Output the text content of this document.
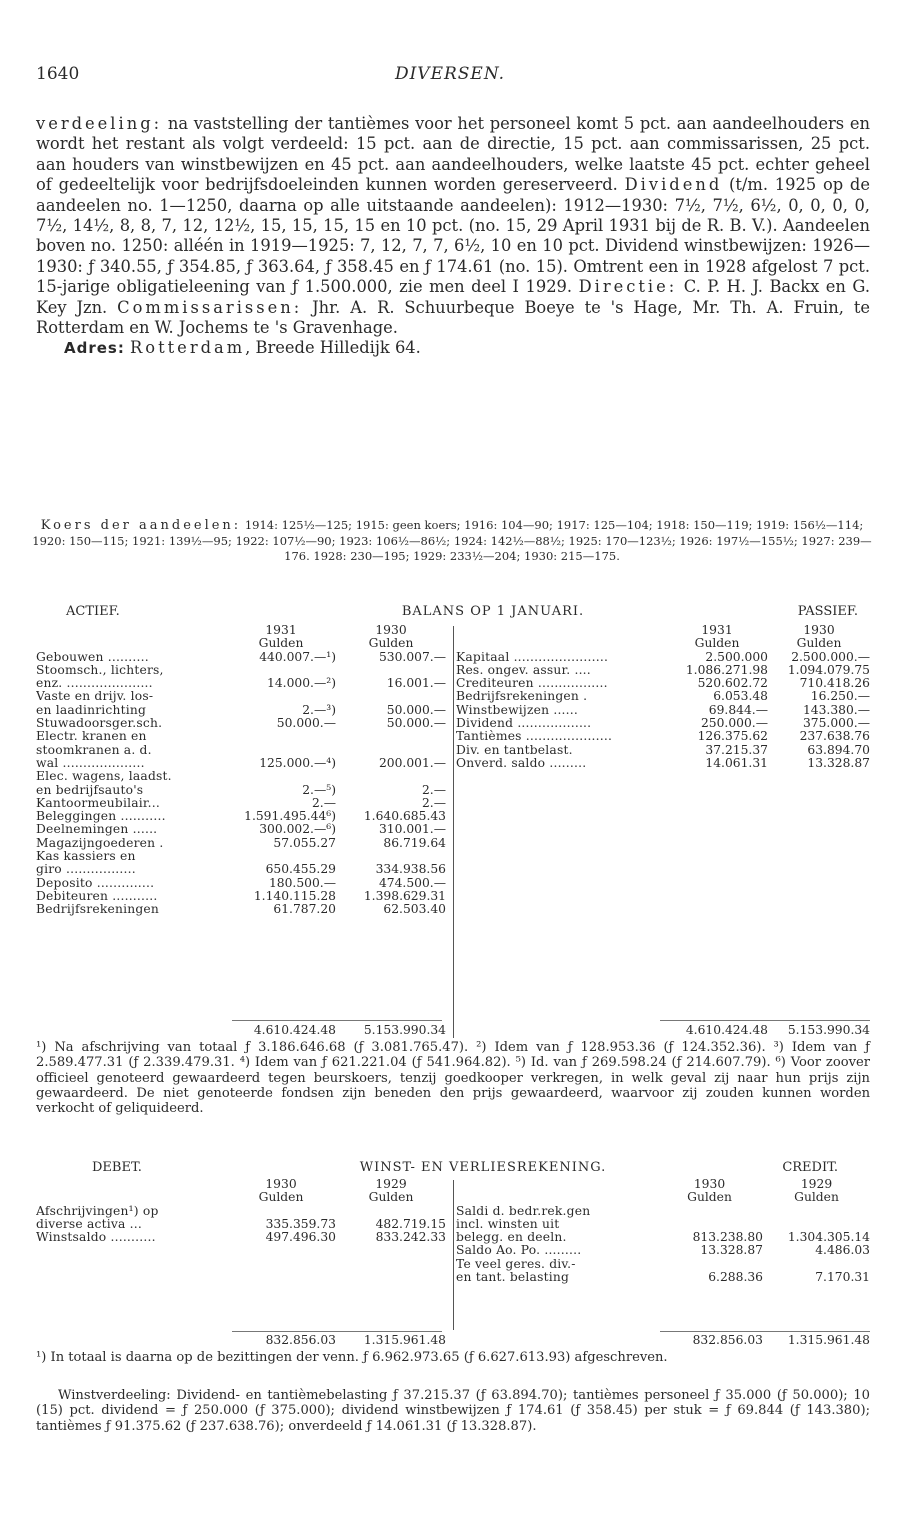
1640	DIVERSEN.

verdeeling: na vaststelling der tantièmes voor het personeel komt 5 pct. aan aandeelhouders en wordt het restant als volgt verdeeld: 15 pct. aan de directie, 15 pct. aan commissarissen, 25 pct. aan houders van winstbewijzen en 45 pct. aan aandeelhouders, welke laatste 45 pct. echter geheel of gedeeltelijk voor bedrijfsdoeleinden kunnen worden gereserveerd. Dividend (t/m. 1925 op de aandeelen no. 1—1250, daarna op alle uitstaande aandeelen): 1912—1930: 7½, 7½, 6½, 0, 0, 0, 0, 7½, 14½, 8, 8, 7, 12, 12½, 15, 15, 15, 15 en 10 pct. (no. 15, 29 April 1931 bij de R. B. V.). Aandeelen boven no. 1250: alléén in 1919—1925: 7, 12, 7, 7, 6½, 10 en 10 pct. Dividend winstbewijzen: 1926—1930: ƒ 340.55, ƒ 354.85, ƒ 363.64, ƒ 358.45 en ƒ 174.61 (no. 15). Omtrent een in 1928 afgelost 7 pct. 15-jarige obligatieleening van ƒ 1.500.000, zie men deel I 1929. Directie: C. P. H. J. Backx en G. Key Jzn. Commissarissen: Jhr. A. R. Schuurbeque Boeye te 's Hage, Mr. Th. A. Fruin, te Rotterdam en W. Jochems te 's Gravenhage.

Adres: Rotterdam, Breede Hilledijk 64.

Koers der aandeelen: 1914: 125½—125; 1915: geen koers; 1916: 104—90; 1917: 125—104; 1918: 150—119; 1919: 156½—114; 1920: 150—115; 1921: 139½—95; 1922: 107½—90; 1923: 106½—86½; 1924: 142½—88½; 1925: 170—123½; 1926: 197½—155½; 1927: 239—176. 1928: 230—195; 1929: 233½—204; 1930: 215—175.
ACTIEF.	BALANS OP 1 JANUARI.	PASSIEF.
	1931	1930
	Gulden	Gulden
Gebouwen ..........	440.007.—¹)	530.007.—
Stoomsch., lichters,		
enz. .....................	14.000.—²)	16.001.—
Vaste en drijv. los-		
en laadinrichting	2.—³)	50.000.—
Stuwadoorsger.sch.	50.000.—	50.000.—
Electr. kranen en		
stoomkranen a. d.		
wal ....................	125.000.—⁴)	200.001.—
Elec. wagens, laadst.		
en bedrijfsauto's	2.—⁵)	2.—
Kantoormeubilair...	2.—	2.—
Beleggingen ...........	1.591.495.44⁶)	1.640.685.43
Deelnemingen ......	300.002.—⁶)	310.001.—
Magazijngoederen .	57.055.27	86.719.64
Kas kassiers en		
giro .................	650.455.29	334.938.56
Deposito ..............	180.500.—	474.500.—
Debiteuren ...........	1.140.115.28	1.398.629.31
Bedrijfsrekeningen	61.787.20	62.503.40
	1931	1930
	Gulden	Gulden
Kapitaal .......................	2.500.000	2.500.000.—
Res. ongev. assur. ....	1.086.271.98	1.094.079.75
Crediteuren .................	520.602.72	710.418.26
Bedrijfsrekeningen .	6.053.48	16.250.—
Winstbewijzen ......	69.844.—	143.380.—
Dividend ..................	250.000.—	375.000.—
Tantièmes .....................	126.375.62	237.638.76
Div. en tantbelast.	37.215.37	63.894.70
Onverd. saldo .........	14.061.31	13.328.87
	4.610.424.48	5.153.990.34		4.610.424.48	5.153.990.34

¹) Na afschrijving van totaal ƒ 3.186.646.68 (ƒ 3.081.765.47). ²) Idem van ƒ 128.953.36 (ƒ 124.352.36). ³) Idem van ƒ 2.589.477.31 (ƒ 2.339.479.31. ⁴) Idem van ƒ 621.221.04 (ƒ 541.964.82). ⁵) Id. van ƒ 269.598.24 (ƒ 214.607.79). ⁶) Voor zoover officieel genoteerd gewaardeerd tegen beurskoers, tenzij goedkooper verkregen, in welk geval zij naar hun prijs zijn gewaardeerd. De niet genoteerde fondsen zijn beneden den prijs gewaardeerd, waarvoor zij zouden kunnen worden verkocht of geliquideerd.

DEBET.	WINST- EN VERLIESREKENING.	CREDIT.
	1930	1929
	Gulden	Gulden
Afschrijvingen¹) op		
diverse activa ...	335.359.73	482.719.15
Winstsaldo ...........	497.496.30	833.242.33
	1930	1929
	Gulden	Gulden
Saldi d. bedr.rek.gen		
incl. winsten uit		
belegg. en deeln.	813.238.80	1.304.305.14
Saldo Ao. Po. .........	13.328.87	4.486.03
Te veel geres. div.-		
en tant. belasting	6.288.36	7.170.31
	832.856.03	1.315.961.48		832.856.03	1.315.961.48

¹) In totaal is daarna op de bezittingen der venn. ƒ 6.962.973.65 (ƒ 6.627.613.93) afgeschreven.

Winstverdeeling: Dividend- en tantièmebelasting ƒ 37.215.37 (ƒ 63.894.70); tantièmes personeel ƒ 35.000 (ƒ 50.000); 10 (15) pct. dividend = ƒ 250.000 (ƒ 375.000); dividend winstbewijzen ƒ 174.61 (ƒ 358.45) per stuk = ƒ 69.844 (ƒ 143.380); tantièmes ƒ 91.375.62 (ƒ 237.638.76); onverdeeld ƒ 14.061.31 (ƒ 13.328.87).
